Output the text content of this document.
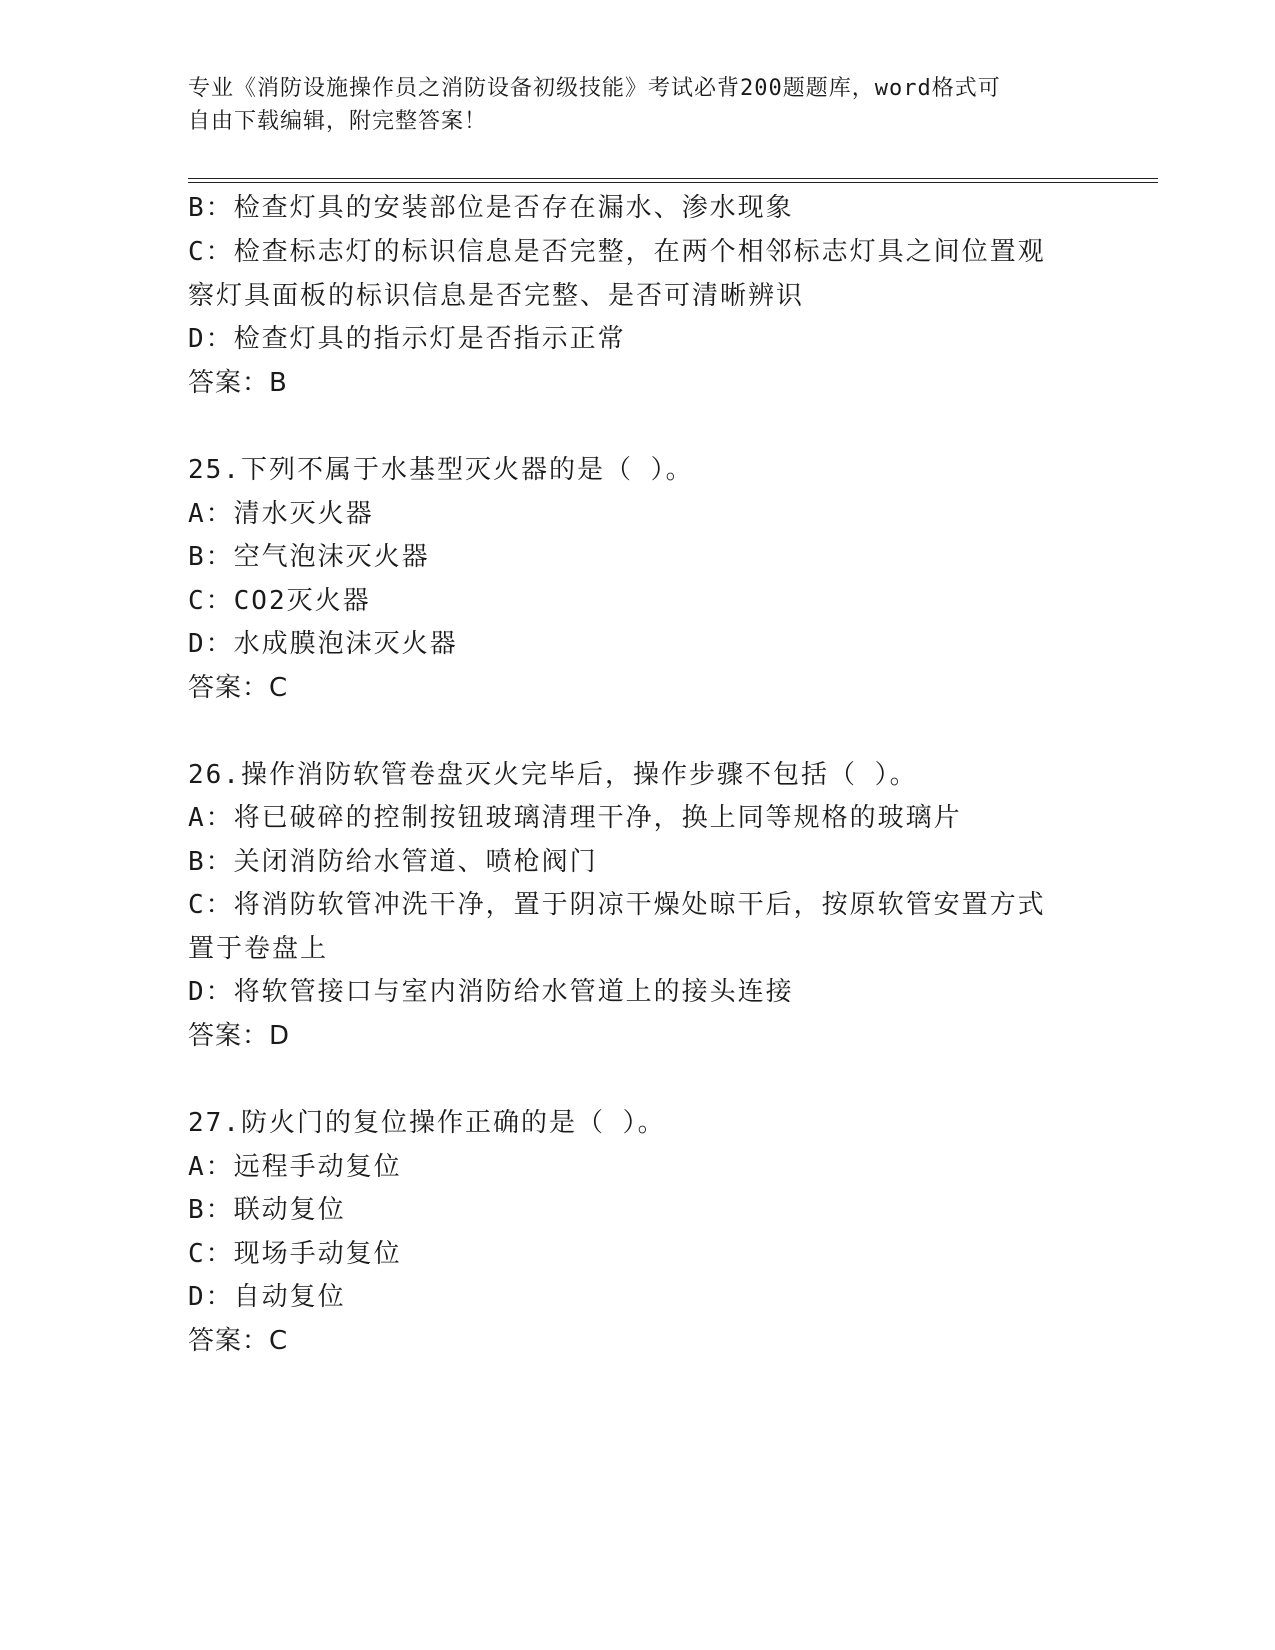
专业《消防设施操作员之消防设备初级技能》考试必背200题题库，word格式可
自由下载编辑，附完整答案！
B：检查灯具的安装部位是否存在漏水、渗水现象
C：检查标志灯的标识信息是否完整，在两个相邻标志灯具之间位置观
察灯具面板的标识信息是否完整、是否可清晰辨识
D：检查灯具的指示灯是否指示正常
答案：B
25.下列不属于水基型灭火器的是（ ）。
A：清水灭火器
B：空气泡沫灭火器
C：CO2灭火器
D：水成膜泡沫灭火器
答案：C
26.操作消防软管卷盘灭火完毕后，操作步骤不包括（ ）。
A：将已破碎的控制按钮玻璃清理干净，换上同等规格的玻璃片
B：关闭消防给水管道、喷枪阀门
C：将消防软管冲洗干净，置于阴凉干燥处晾干后，按原软管安置方式
置于卷盘上
D：将软管接口与室内消防给水管道上的接头连接
答案：D
27.防火门的复位操作正确的是（ ）。
A：远程手动复位
B：联动复位
C：现场手动复位
D：自动复位
答案：C
